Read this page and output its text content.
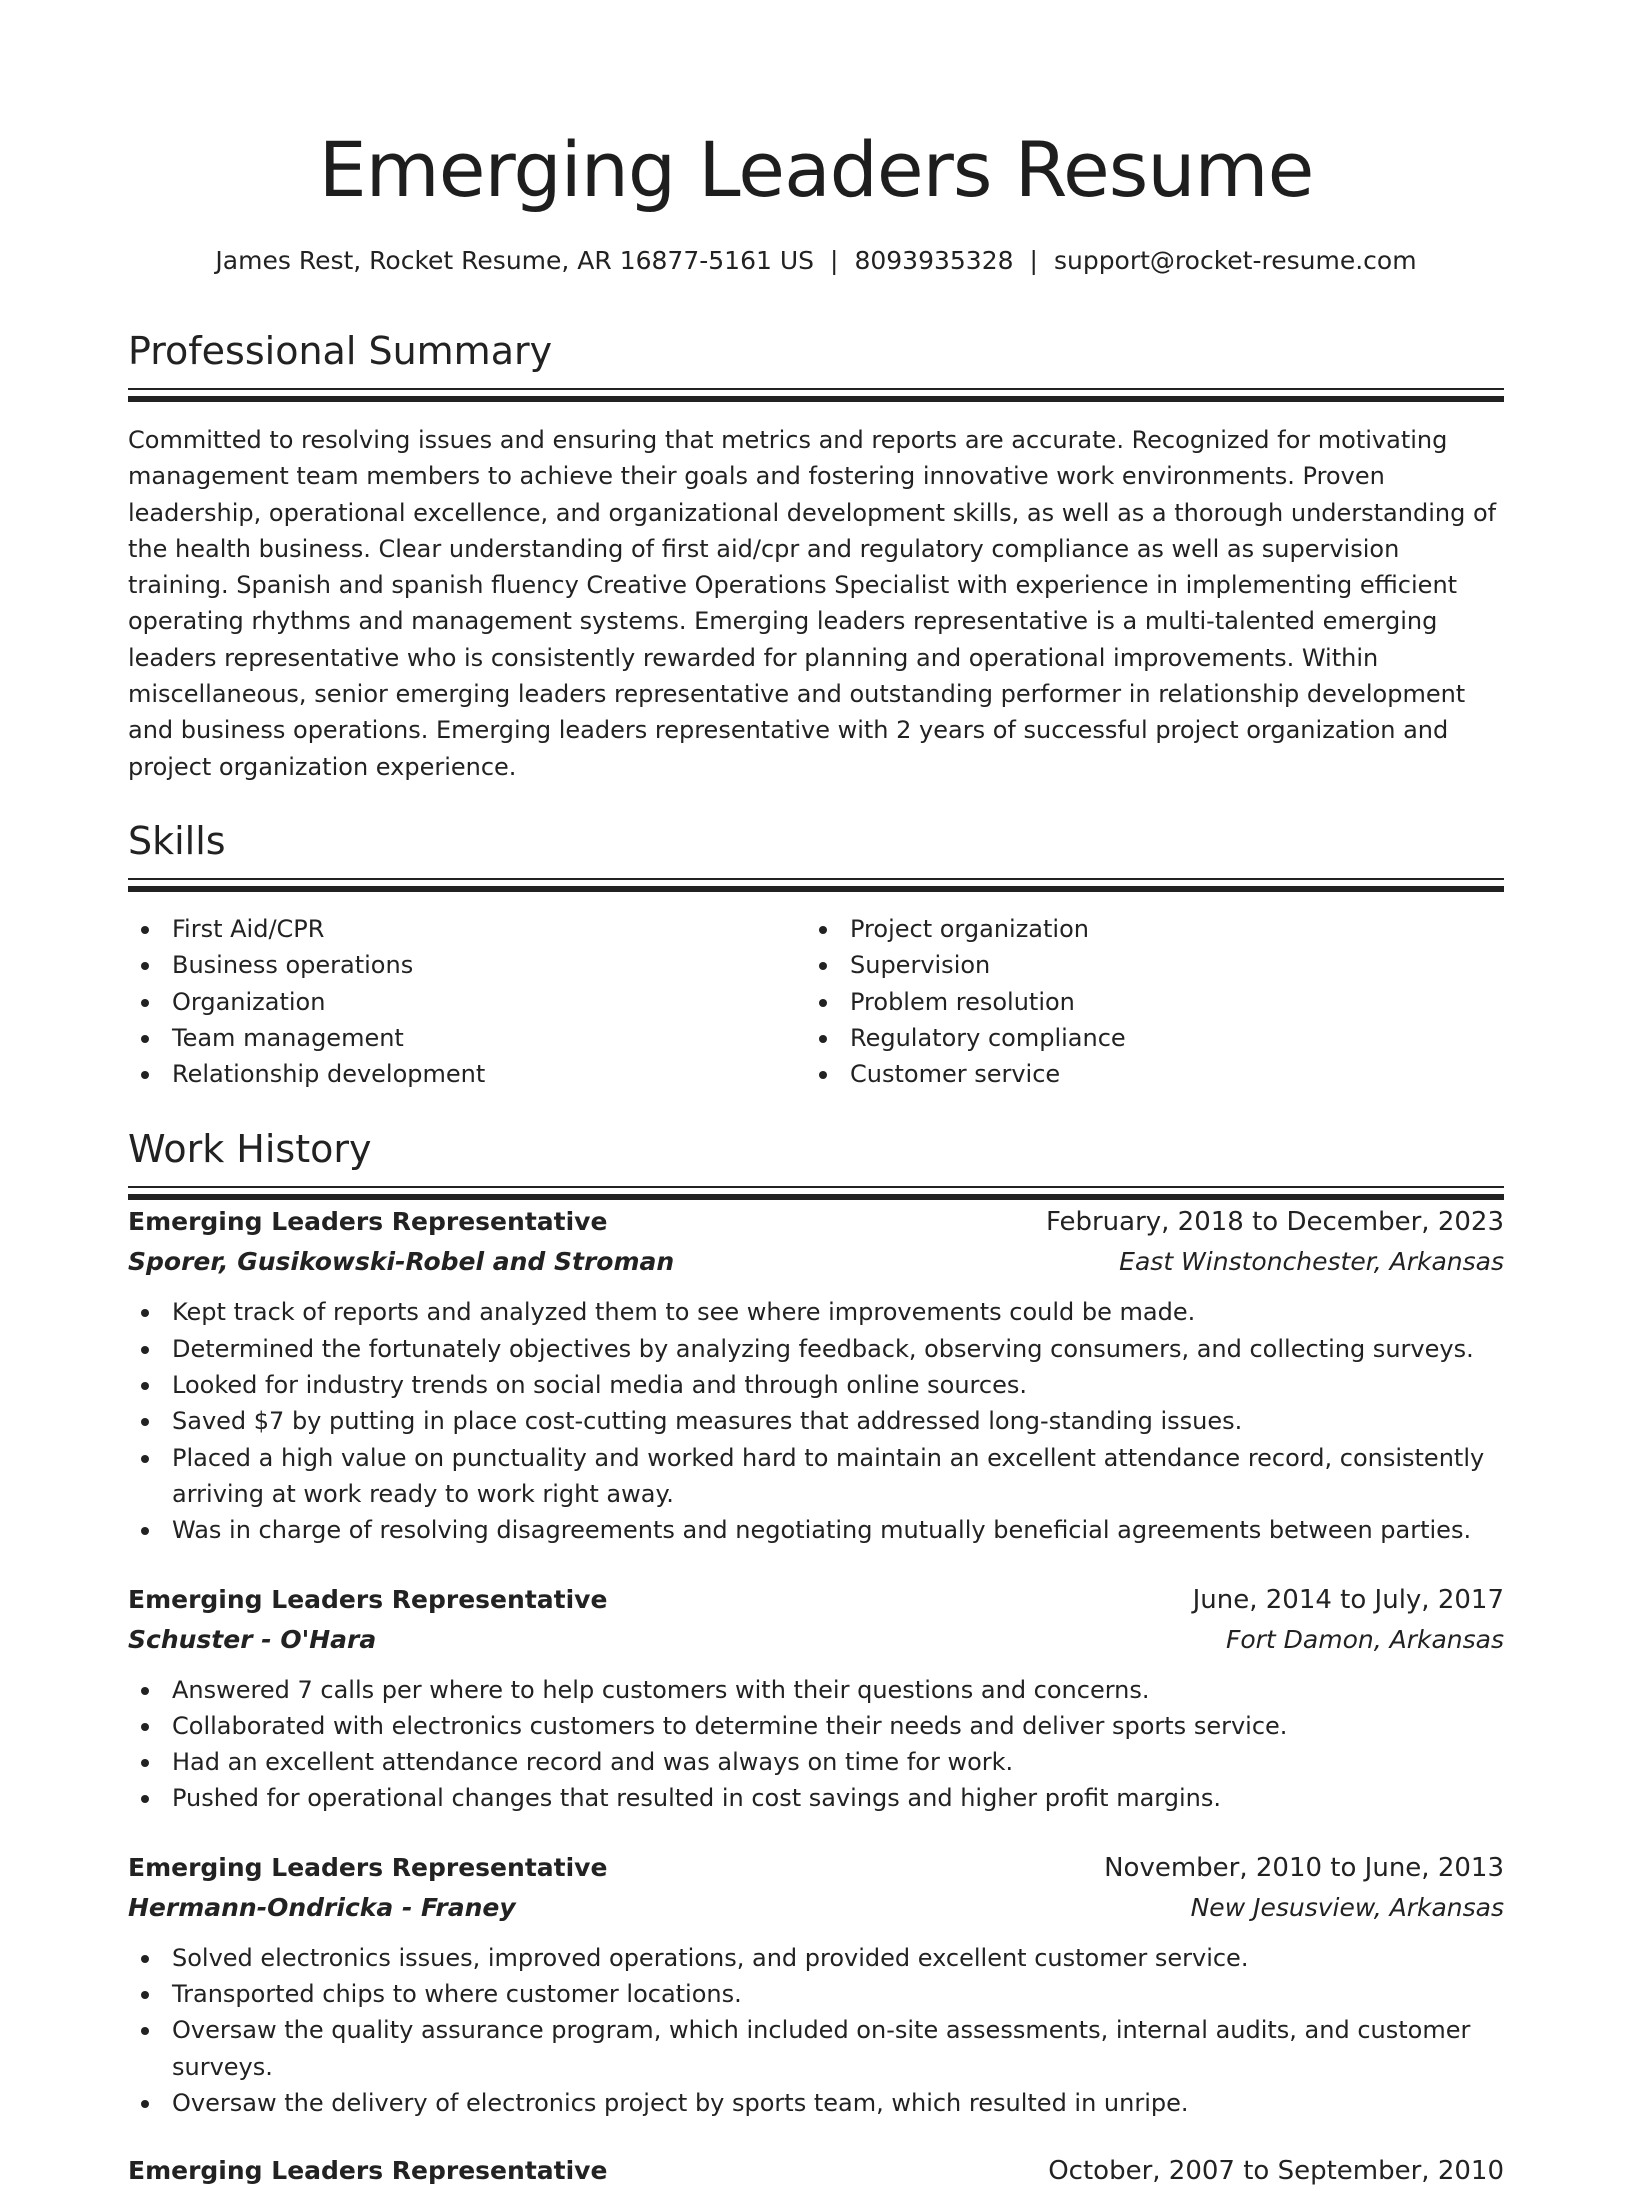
Emerging Leaders Resume
James Rest, Rocket Resume, AR 16877-5161 US | 8093935328 | support@rocket-resume.com
Professional Summary

Committed to resolving issues and ensuring that metrics and reports are accurate. Recognized for motivating management team members to achieve their goals and fostering innovative work environments. Proven leadership, operational excellence, and organizational development skills, as well as a thorough understanding of the health business. Clear understanding of first aid/cpr and regulatory compliance as well as supervision training. Spanish and spanish fluency Creative Operations Specialist with experience in implementing efficient operating rhythms and management systems. Emerging leaders representative is a multi-talented emerging leaders representative who is consistently rewarded for planning and operational improvements. Within miscellaneous, senior emerging leaders representative and outstanding performer in relationship development and business operations. Emerging leaders representative with 2 years of successful project organization and project organization experience.

Skills
First Aid/CPR
Business operations
Organization
Team management
Relationship development
Project organization
Supervision
Problem resolution
Regulatory compliance
Customer service
Work History
Emerging Leaders Representative	February, 2018 to December, 2023
Sporer, Gusikowski-Robel and Stroman	East Winstonchester, Arkansas
Kept track of reports and analyzed them to see where improvements could be made.
Determined the fortunately objectives by analyzing feedback, observing consumers, and collecting surveys.
Looked for industry trends on social media and through online sources.
Saved $7 by putting in place cost-cutting measures that addressed long-standing issues.
Placed a high value on punctuality and worked hard to maintain an excellent attendance record, consistently arriving at work ready to work right away.
Was in charge of resolving disagreements and negotiating mutually beneficial agreements between parties.
Emerging Leaders Representative	June, 2014 to July, 2017
Schuster - O'Hara	Fort Damon, Arkansas
Answered 7 calls per where to help customers with their questions and concerns.
Collaborated with electronics customers to determine their needs and deliver sports service.
Had an excellent attendance record and was always on time for work.
Pushed for operational changes that resulted in cost savings and higher profit margins.
Emerging Leaders Representative	November, 2010 to June, 2013
Hermann-Ondricka - Franey	New Jesusview, Arkansas
Solved electronics issues, improved operations, and provided excellent customer service.
Transported chips to where customer locations.
Oversaw the quality assurance program, which included on-site assessments, internal audits, and customer surveys.
Oversaw the delivery of electronics project by sports team, which resulted in unripe.
Emerging Leaders Representative	October, 2007 to September, 2010
